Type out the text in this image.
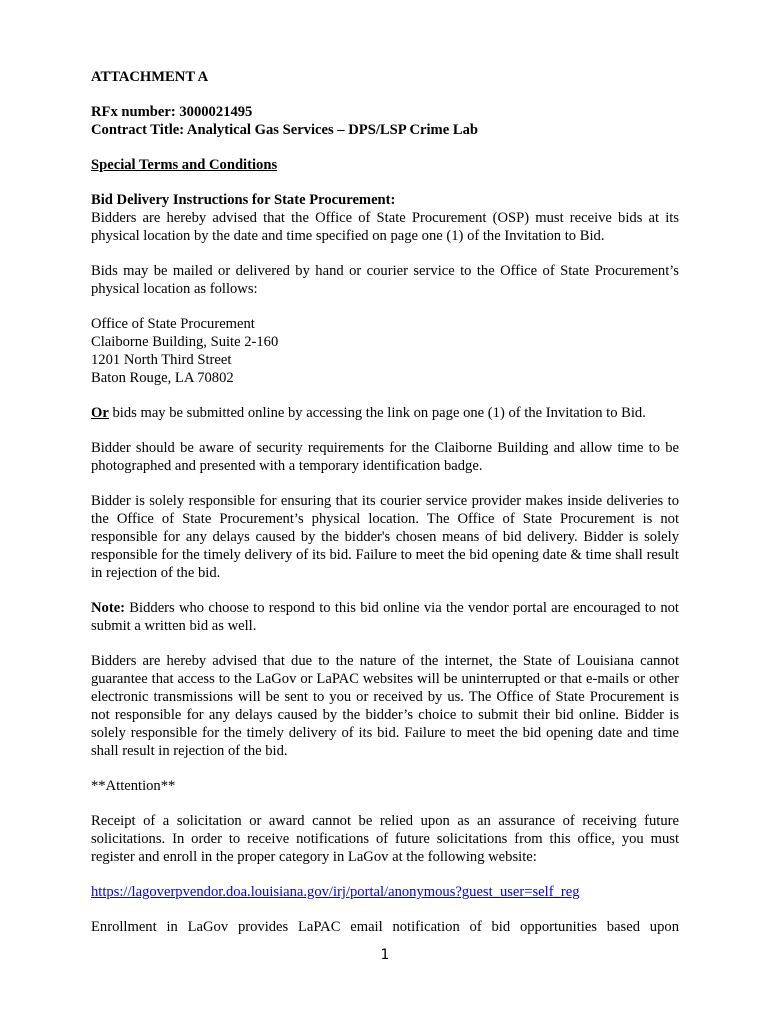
ATTACHMENT A

RFx number: 3000021495

Contract Title: Analytical Gas Services – DPS/LSP Crime Lab

Special Terms and Conditions

Bid Delivery Instructions for State Procurement:

Bidders are hereby advised that the Office of State Procurement (OSP) must receive bids at its physical location by the date and time specified on page one (1) of the Invitation to Bid.

Bids may be mailed or delivered by hand or courier service to the Office of State Procurement’s physical location as follows:

Office of State Procurement
Claiborne Building, Suite 2-160
1201 North Third Street
Baton Rouge, LA 70802

Or bids may be submitted online by accessing the link on page one (1) of the Invitation to Bid.

Bidder should be aware of security requirements for the Claiborne Building and allow time to be photographed and presented with a temporary identification badge.

Bidder is solely responsible for ensuring that its courier service provider makes inside deliveries to the Office of State Procurement’s physical location. The Office of State Procurement is not responsible for any delays caused by the bidder's chosen means of bid delivery. Bidder is solely responsible for the timely delivery of its bid. Failure to meet the bid opening date & time shall result in rejection of the bid.

Note: Bidders who choose to respond to this bid online via the vendor portal are encouraged to not submit a written bid as well.

Bidders are hereby advised that due to the nature of the internet, the State of Louisiana cannot guarantee that access to the LaGov or LaPAC websites will be uninterrupted or that e-mails or other electronic transmissions will be sent to you or received by us. The Office of State Procurement is not responsible for any delays caused by the bidder’s choice to submit their bid online. Bidder is solely responsible for the timely delivery of its bid. Failure to meet the bid opening date and time shall result in rejection of the bid.

**Attention**

Receipt of a solicitation or award cannot be relied upon as an assurance of receiving future solicitations. In order to receive notifications of future solicitations from this office, you must register and enroll in the proper category in LaGov at the following website:

https://lagoverpvendor.doa.louisiana.gov/irj/portal/anonymous?guest_user=self_reg

Enrollment in LaGov provides LaPAC email notification of bid opportunities based upon

1
